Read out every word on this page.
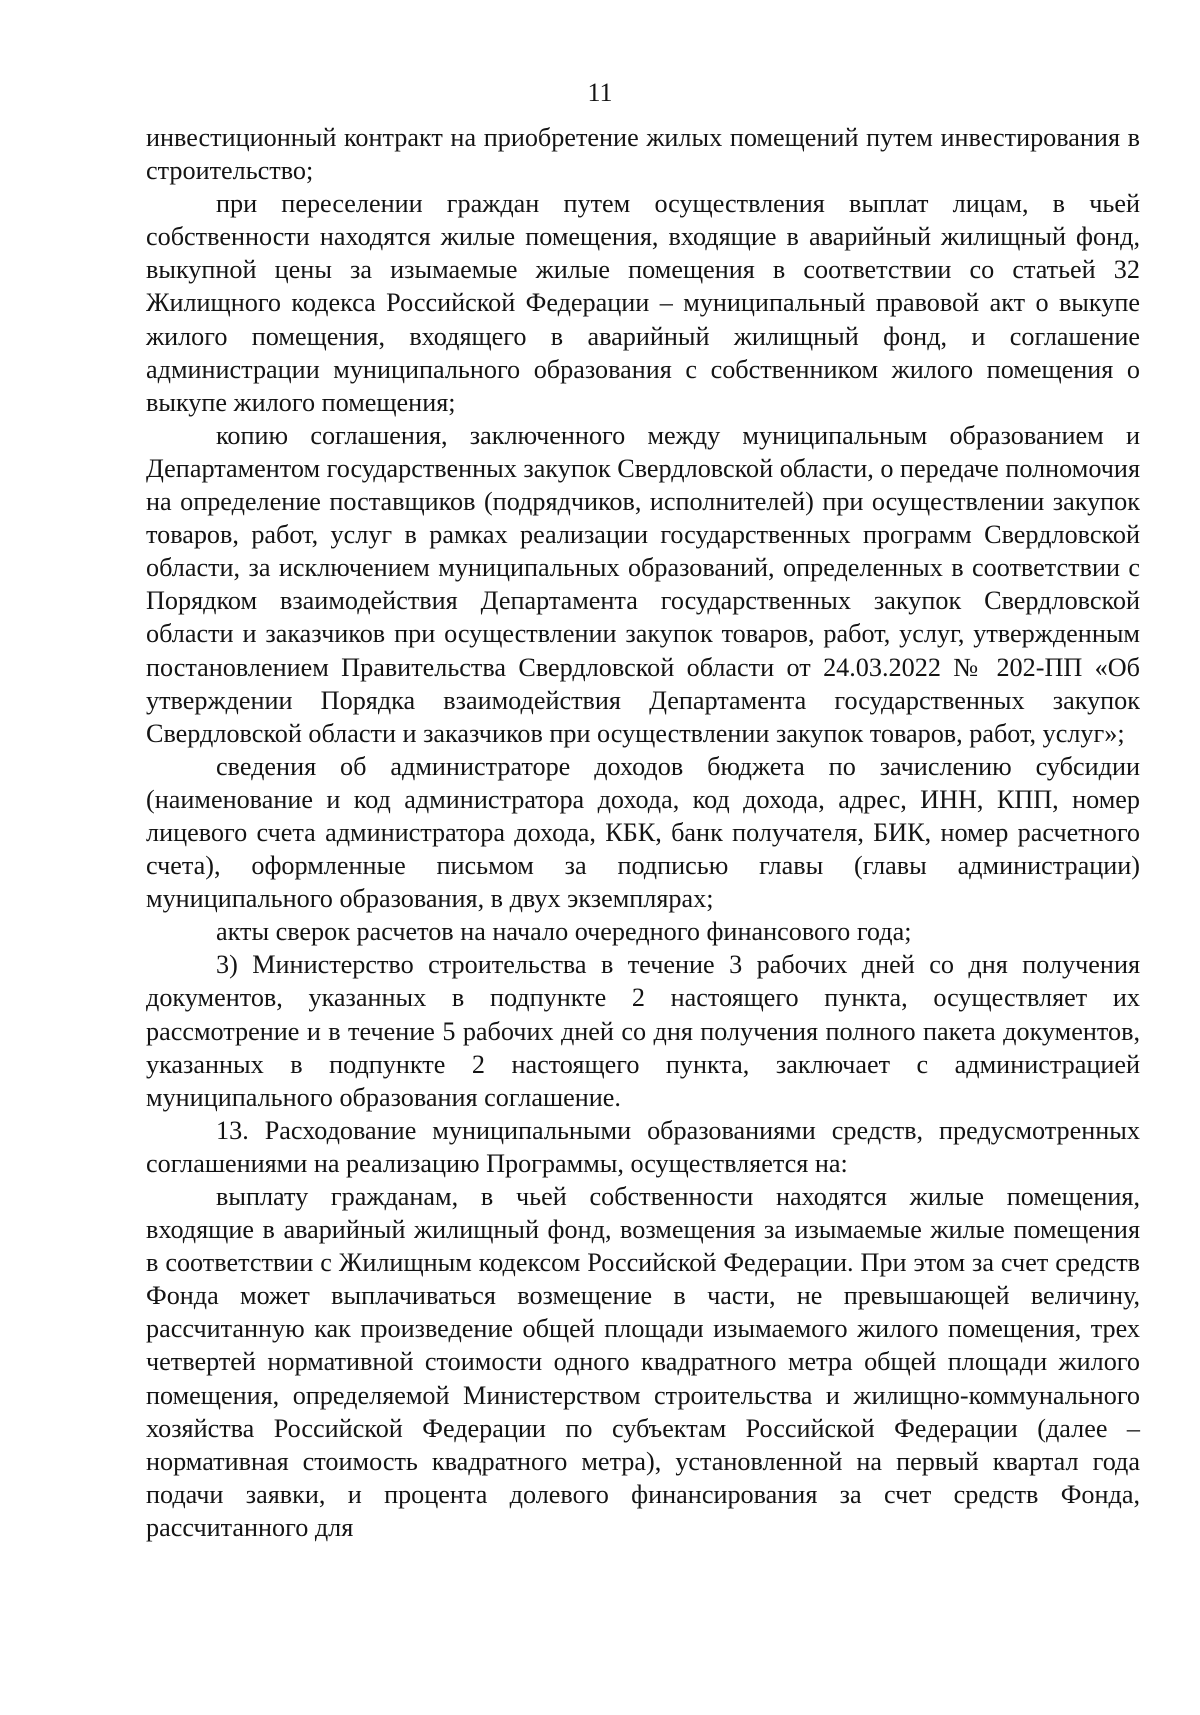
11

инвестиционный контракт на приобретение жилых помещений путем инвестирования в строительство;

при переселении граждан путем осуществления выплат лицам, в чьей собственности находятся жилые помещения, входящие в аварийный жилищный фонд, выкупной цены за изымаемые жилые помещения в соответствии со статьей 32 Жилищного кодекса Российской Федерации – муниципальный правовой акт о выкупе жилого помещения, входящего в аварийный жилищный фонд, и соглашение администрации муниципального образования с собственником жилого помещения о выкупе жилого помещения;

копию соглашения, заключенного между муниципальным образованием и Департаментом государственных закупок Свердловской области, о передаче полномочия на определение поставщиков (подрядчиков, исполнителей) при осуществлении закупок товаров, работ, услуг в рамках реализации государственных программ Свердловской области, за исключением муниципальных образований, определенных в соответствии с Порядком взаимодействия Департамента государственных закупок Свердловской области и заказчиков при осуществлении закупок товаров, работ, услуг, утвержденным постановлением Правительства Свердловской области от 24.03.2022 № 202-ПП «Об утверждении Порядка взаимодействия Департамента государственных закупок Свердловской области и заказчиков при осуществлении закупок товаров, работ, услуг»;

сведения об администраторе доходов бюджета по зачислению субсидии (наименование и код администратора дохода, код дохода, адрес, ИНН, КПП, номер лицевого счета администратора дохода, КБК, банк получателя, БИК, номер расчетного счета), оформленные письмом за подписью главы (главы администрации) муниципального образования, в двух экземплярах;

акты сверок расчетов на начало очередного финансового года;

3) Министерство строительства в течение 3 рабочих дней со дня получения документов, указанных в подпункте 2 настоящего пункта, осуществляет их рассмотрение и в течение 5 рабочих дней со дня получения полного пакета документов, указанных в подпункте 2 настоящего пункта, заключает с администрацией муниципального образования соглашение.

13. Расходование муниципальными образованиями средств, предусмотренных соглашениями на реализацию Программы, осуществляется на:

выплату гражданам, в чьей собственности находятся жилые помещения, входящие в аварийный жилищный фонд, возмещения за изымаемые жилые помещения в соответствии с Жилищным кодексом Российской Федерации. При этом за счет средств Фонда может выплачиваться возмещение в части, не превышающей величину, рассчитанную как произведение общей площади изымаемого жилого помещения, трех четвертей нормативной стоимости одного квадратного метра общей площади жилого помещения, определяемой Министерством строительства и жилищно-коммунального хозяйства Российской Федерации по субъектам Российской Федерации (далее – нормативная стоимость квадратного метра), установленной на первый квартал года подачи заявки, и процента долевого финансирования за счет средств Фонда, рассчитанного для
